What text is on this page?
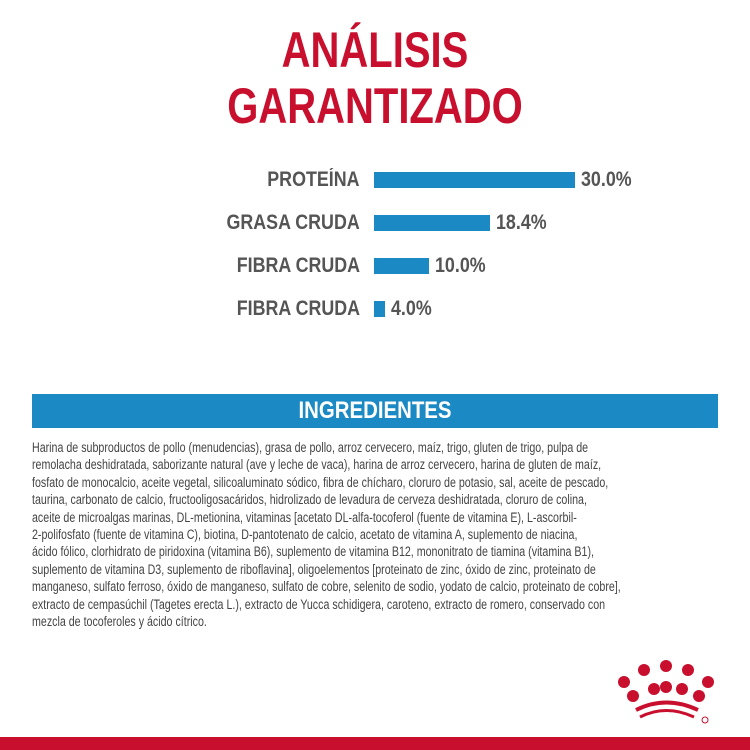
ANÁLISIS
GARANTIZADO
PROTEÍNA	30.0%
GRASA CRUDA	18.4%
FIBRA CRUDA	10.0%
FIBRA CRUDA 4.0%
INGREDIENTES
Harina de subproductos de pollo (menudencias), grasa de pollo, arroz cervecero, maíz, trigo, gluten de trigo, pulpa de
remolacha deshidratada, saborizante natural (ave y leche de vaca), harina de arroz cervecero, harina de gluten de maíz,
fosfato de monocalcio, aceite vegetal, silicoaluminato sódico, fibra de chícharo, cloruro de potasio, sal, aceite de pescado,
taurina, carbonato de calcio, fructooligosacáridos, hidrolizado de levadura de cerveza deshidratada, cloruro de colina,
aceite de microalgas marinas, DL-metionina, vitaminas [acetato DL-alfa-tocoferol (fuente de vitamina E), L-ascorbil-
2-polifosfato (fuente de vitamina C), biotina, D-pantotenato de calcio, acetato de vitamina A, suplemento de niacina,
ácido fólico, clorhidrato de piridoxina (vitamina B6), suplemento de vitamina B12, mononitrato de tiamina (vitamina B1),
suplemento de vitamina D3, suplemento de riboflavina], oligoelementos [proteinato de zinc, óxido de zinc, proteinato de
manganeso, sulfato ferroso, óxido de manganeso, sulfato de cobre, selenito de sodio, yodato de calcio, proteinato de cobre],
extracto de cempasúchil (Tagetes erecta L.), extracto de Yucca schidigera, caroteno, extracto de romero, conservado con
mezcla de tocoferoles y ácido cítrico.
